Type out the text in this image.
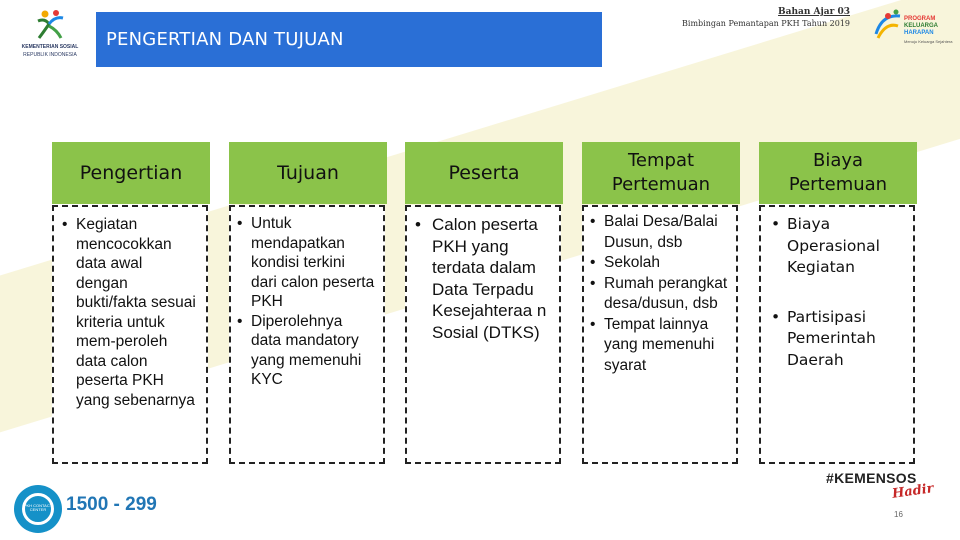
KEMENTERIAN SOSIAL
REPUBLIK INDONESIA
PENGERTIAN DAN TUJUAN
Bahan Ajar 03
Bimbingan Pemantapan PKH Tahun 2019	PROGRAM
KELUARGA
HARAPAN
Menuju Keluarga Sejahtera
Pengertian
• Kegiatan mencocokkan data awal dengan bukti/fakta sesuai kriteria untuk mem-peroleh data calon peserta PKH yang sebenarnya
Tujuan
• Untuk mendapatkan kondisi terkini dari calon peserta PKH
• Diperolehnya data mandatory yang memenuhi KYC
Peserta
• Calon peserta PKH yang terdata dalam Data Terpadu Kesejahteraa n Sosial (DTKS)
Tempat Pertemuan
• Balai Desa/Balai Dusun, dsb
• Sekolah
• Rumah perangkat desa/dusun, dsb
• Tempat lainnya yang memenuhi syarat
Biaya Pertemuan
• Biaya Operasional Kegiatan
• Partisipasi Pemerintah Daerah
PKH CONTACT CENTER	1500 - 299
#KEMENSOS
Hadir
16
